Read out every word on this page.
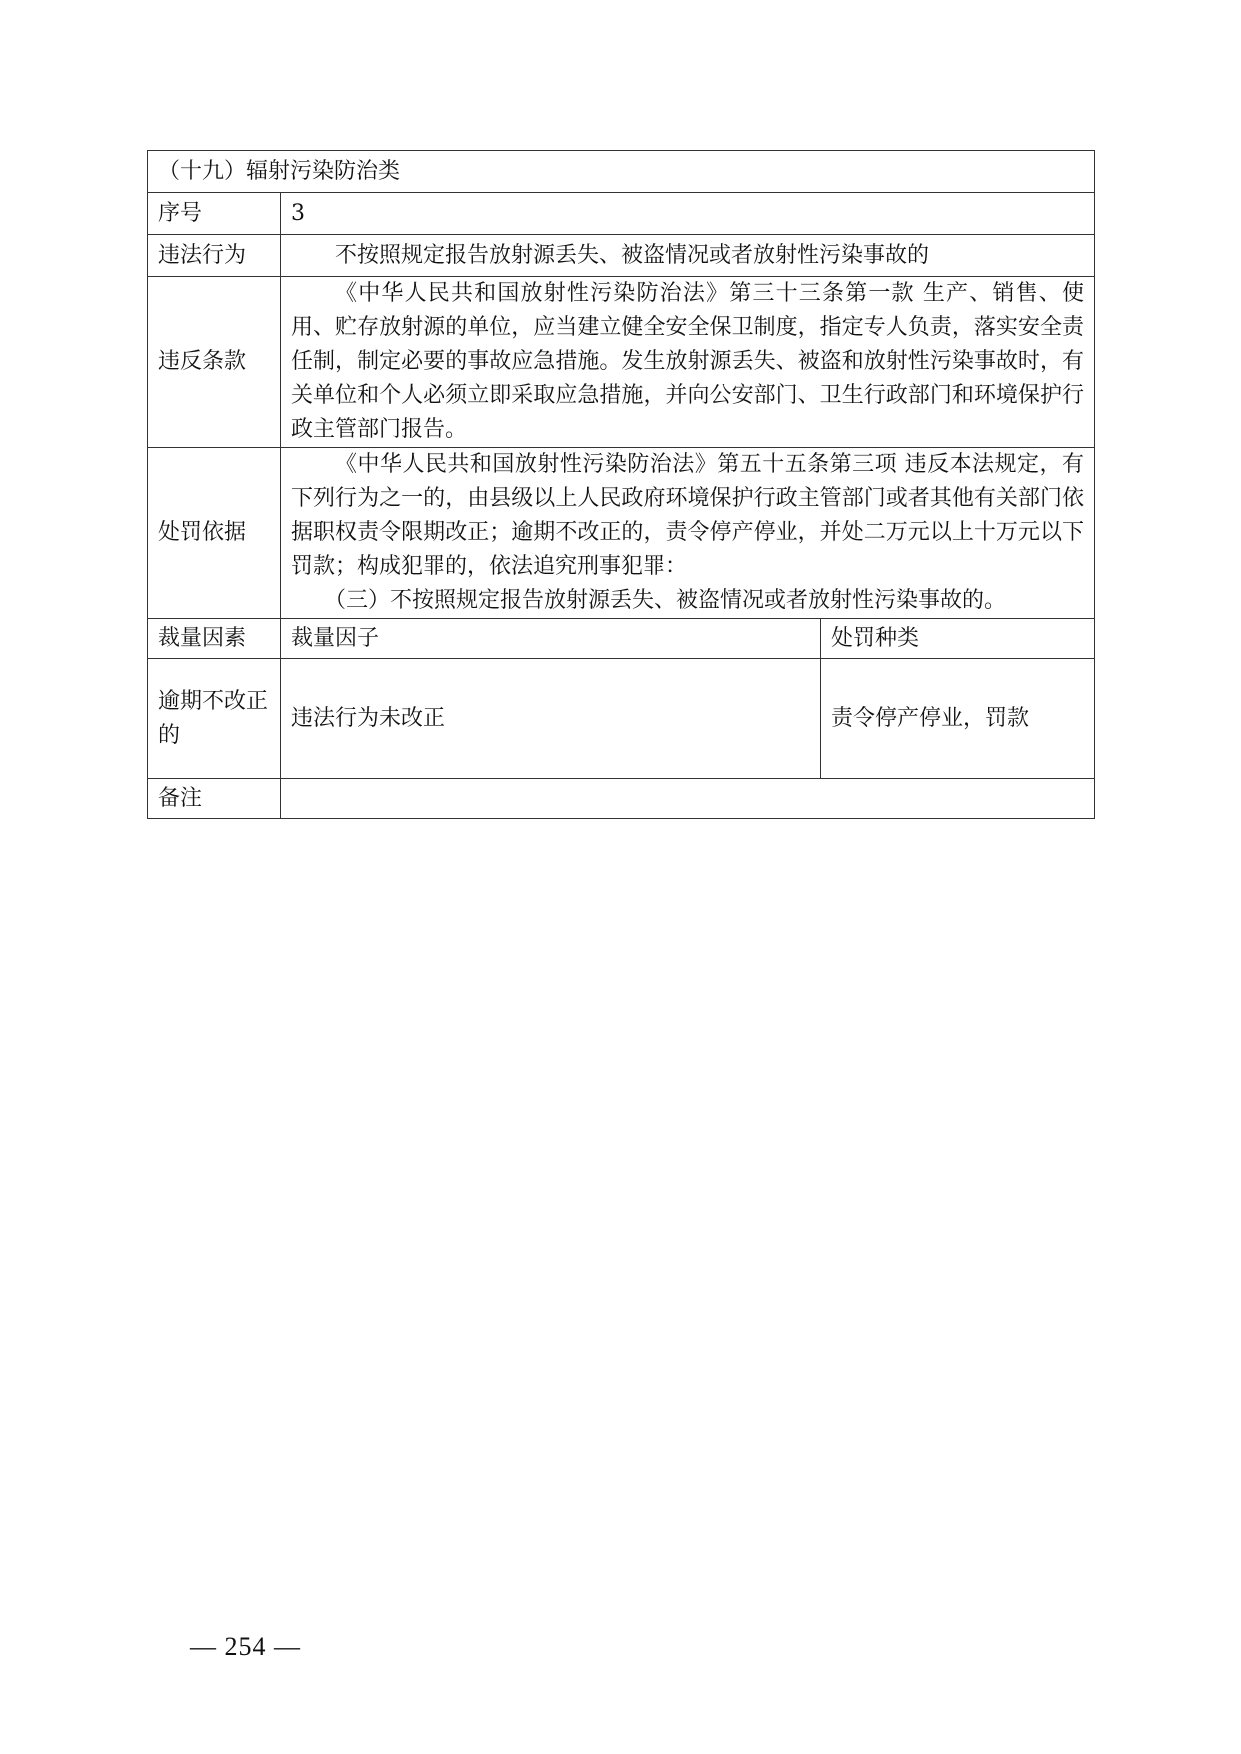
（十九）辐射污染防治类		
序号	3	
违法行为	不按照规定报告放射源丢失、被盗情况或者放射性污染事故的	

违反条款	《中华人民共和国放射性污染防治法》第三十三条第一款 生产、销售、使用、贮存放射源的单位，应当建立健全安全保卫制度，指定专人负责，落实安全责任制，制定必要的事故应急措施。发生放射源丢失、被盗和放射性污染事故时，有关单位和个人必须立即采取应急措施，并向公安部门、卫生行政部门和环境保护行政主管部门报告。	

处罚依据	《中华人民共和国放射性污染防治法》第五十五条第三项 违反本法规定，有下列行为之一的，由县级以上人民政府环境保护行政主管部门或者其他有关部门依据职权责令限期改正；逾期不改正的，责令停产停业，并处二万元以上十万元以下罚款；构成犯罪的，依法追究刑事犯罪：

（三）不按照规定报告放射源丢失、被盗情况或者放射性污染事故的。	

裁量因素	裁量因子	处罚种类

逾期不改正的	违法行为未改正	责令停产停业，罚款
备注		
— 254 —
